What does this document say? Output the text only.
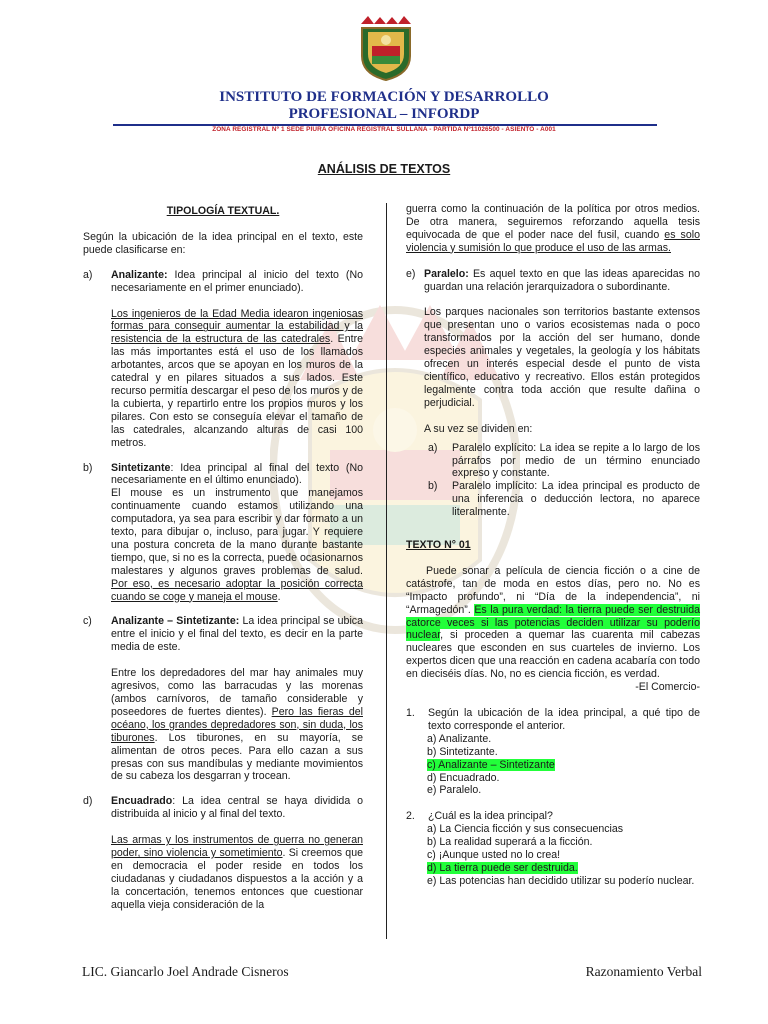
INSTITUTO DE FORMACIÓN Y DESARROLLO
PROFESIONAL – INFORDP
ZONA REGISTRAL Nº 1 SEDE PIURA OFICINA REGISTRAL SULLANA - PARTIDA Nº11026500 - ASIENTO - A001
ANÁLISIS DE TEXTOS

TIPOLOGÍA TEXTUAL.

Según la ubicación de la idea principal en el texto, este puede clasificarse en:

a)	Analizante: Idea principal al inicio del texto (No necesariamente en el primer enunciado).

Los ingenieros de la Edad Media idearon ingeniosas formas para conseguir aumentar la estabilidad y la resistencia de la estructura de las catedrales. Entre las más importantes está el uso de los llamados arbotantes, arcos que se apoyan en los muros de la catedral y en pilares situados a sus lados. Este recurso permitía descargar el peso de los muros y de la cubierta, y repartirlo entre los propios muros y los pilares. Con esto se conseguía elevar el tamaño de las catedrales, alcanzando alturas de casi 100 metros.

b)	Sintetizante: Idea principal al final del texto (No necesariamente en el último enunciado).

El mouse es un instrumento que manejamos continuamente cuando estamos utilizando una computadora, ya sea para escribir y dar formato a un texto, para dibujar o, incluso, para jugar. Y requiere una postura concreta de la mano durante bastante tiempo, que, si no es la correcta, puede ocasionarnos malestares y algunos graves problemas de salud. Por eso, es necesario adoptar la posición correcta cuando se coge y maneja el mouse.

c)	Analizante – Sintetizante: La idea principal se ubica entre el inicio y el final del texto, es decir en la parte media de este.

Entre los depredadores del mar hay animales muy agresivos, como las barracudas y las morenas (ambos carnívoros, de tamaño considerable y poseedores de fuertes dientes). Pero las fieras del océano, los grandes depredadores son, sin duda, los tiburones. Los tiburones, en su mayoría, se alimentan de otros peces. Para ello cazan a sus presas con sus mandíbulas y mediante movimientos de su cabeza los desgarran y trocean.

d)	Encuadrado: La idea central se haya dividida o distribuida al inicio y al final del texto.

Las armas y los instrumentos de guerra no generan poder, sino violencia y sometimiento. Si creemos que en democracia el poder reside en todos los ciudadanas y ciudadanos dispuestos a la acción y a la concertación, tenemos entonces que cuestionar aquella vieja consideración de la

guerra como la continuación de la política por otros medios. De otra manera, seguiremos reforzando aquella tesis equivocada de que el poder nace del fusil, cuando es solo violencia y sumisión lo que produce el uso de las armas.

e) Paralelo: Es aquel texto en que las ideas aparecidas no guardan una relación jerarquizadora o subordinante.

Los parques nacionales son territorios bastante extensos que presentan uno o varios ecosistemas nada o poco transformados por la acción del ser humano, donde especies animales y vegetales, la geología y los hábitats ofrecen un interés especial desde el punto de vista científico, educativo y recreativo. Ellos están protegidos legalmente contra toda acción que resulte dañina o perjudicial.

A su vez se dividen en:

a)	Paralelo explícito: La idea se repite a lo largo de los párrafos por medio de un término enunciado expreso y constante.
b)	Paralelo implícito: La idea principal es producto de una inferencia o deducción lectora, no aparece literalmente.

TEXTO N° 01

Puede sonar a película de ciencia ficción o a cine de catástrofe, tan de moda en estos días, pero no. No es “Impacto profundo”, ni “Día de la independencia”, ni “Armagedón”. Es la pura verdad: la tierra puede ser destruida catorce veces si las potencias deciden utilizar su poderío nuclear, si proceden a quemar las cuarenta mil cabezas nucleares que esconden en sus cuarteles de invierno. Los expertos dicen que una reacción en cadena acabaría con todo en dieciséis días. No, no es ciencia ficción, es verdad.

-El Comercio-

1.	Según la ubicación de la idea principal, a qué tipo de texto corresponde el anterior.
a) Analizante.
b) Sintetizante.
c) Analizante – Sintetizante
d) Encuadrado.
e) Paralelo.
2.	¿Cuál es la idea principal?
a) La Ciencia ficción y sus consecuencias
b) La realidad superará a la ficción.
c) ¡Aunque usted no lo crea!
d) La tierra puede ser destruida.
e) Las potencias han decidido utilizar su poderío nuclear.
LIC. Giancarlo Joel Andrade Cisneros	Razonamiento Verbal
